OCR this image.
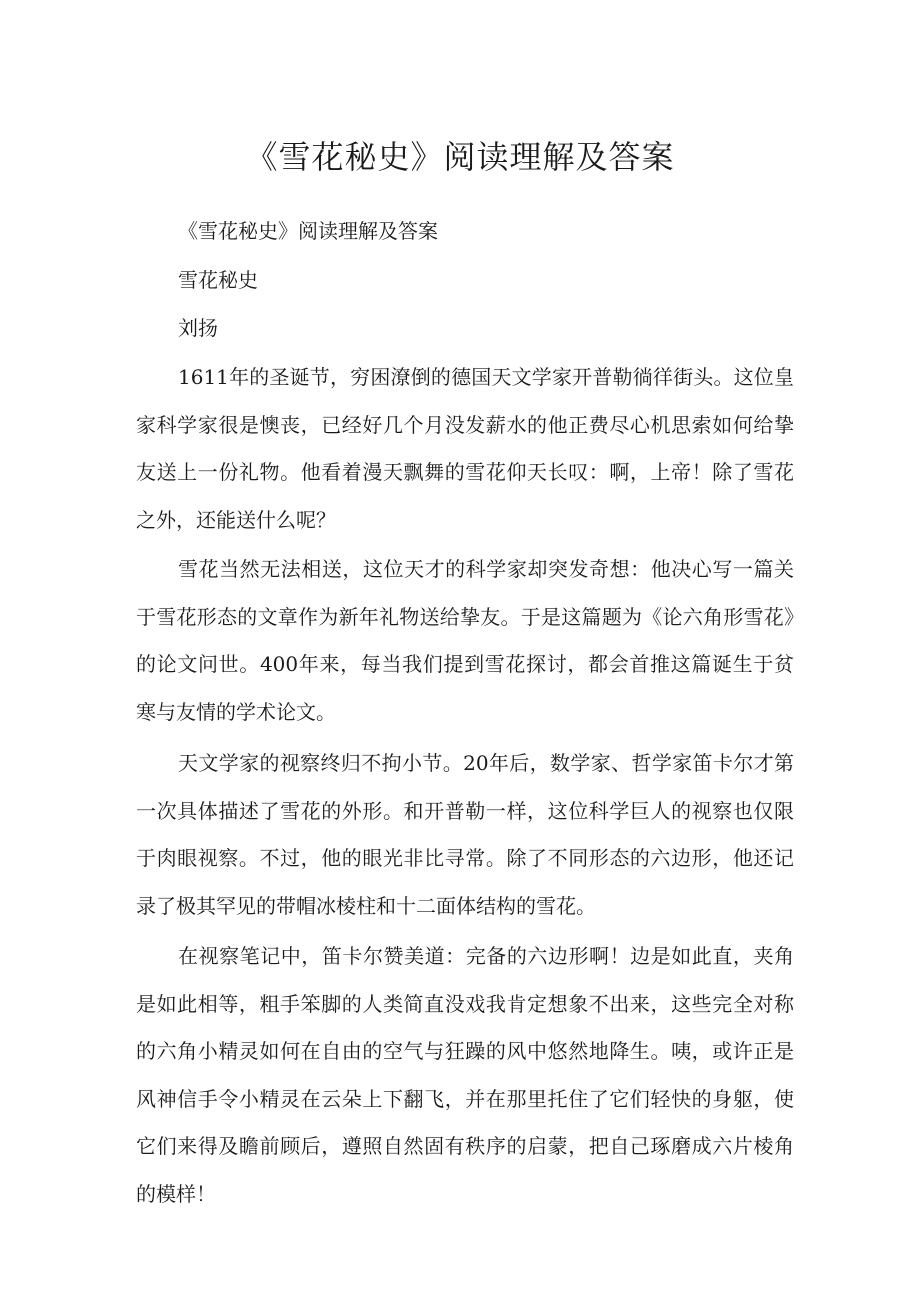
《雪花秘史》阅读理解及答案
《雪花秘史》阅读理解及答案
雪花秘史
刘扬

1611年的圣诞节，穷困潦倒的德国天文学家开普勒徜徉街头。这位皇家科学家很是懊丧，已经好几个月没发薪水的他正费尽心机思索如何给挚友送上一份礼物。他看着漫天飘舞的雪花仰天长叹：啊，上帝！除了雪花之外，还能送什么呢？

雪花当然无法相送，这位天才的科学家却突发奇想：他决心写一篇关于雪花形态的文章作为新年礼物送给挚友。于是这篇题为《论六角形雪花》的论文问世。400年来，每当我们提到雪花探讨，都会首推这篇诞生于贫寒与友情的学术论文。

天文学家的视察终归不拘小节。20年后，数学家、哲学家笛卡尔才第一次具体描述了雪花的外形。和开普勒一样，这位科学巨人的视察也仅限于肉眼视察。不过，他的眼光非比寻常。除了不同形态的六边形，他还记录了极其罕见的带帽冰棱柱和十二面体结构的雪花。

在视察笔记中，笛卡尔赞美道：完备的六边形啊！边是如此直，夹角是如此相等，粗手笨脚的人类简直没戏我肯定想象不出来，这些完全对称的六角小精灵如何在自由的空气与狂躁的风中悠然地降生。咦，或许正是风神信手令小精灵在云朵上下翻飞，并在那里托住了它们轻快的身躯，使它们来得及瞻前顾后，遵照自然固有秩序的启蒙，把自己琢磨成六片棱角的模样！
